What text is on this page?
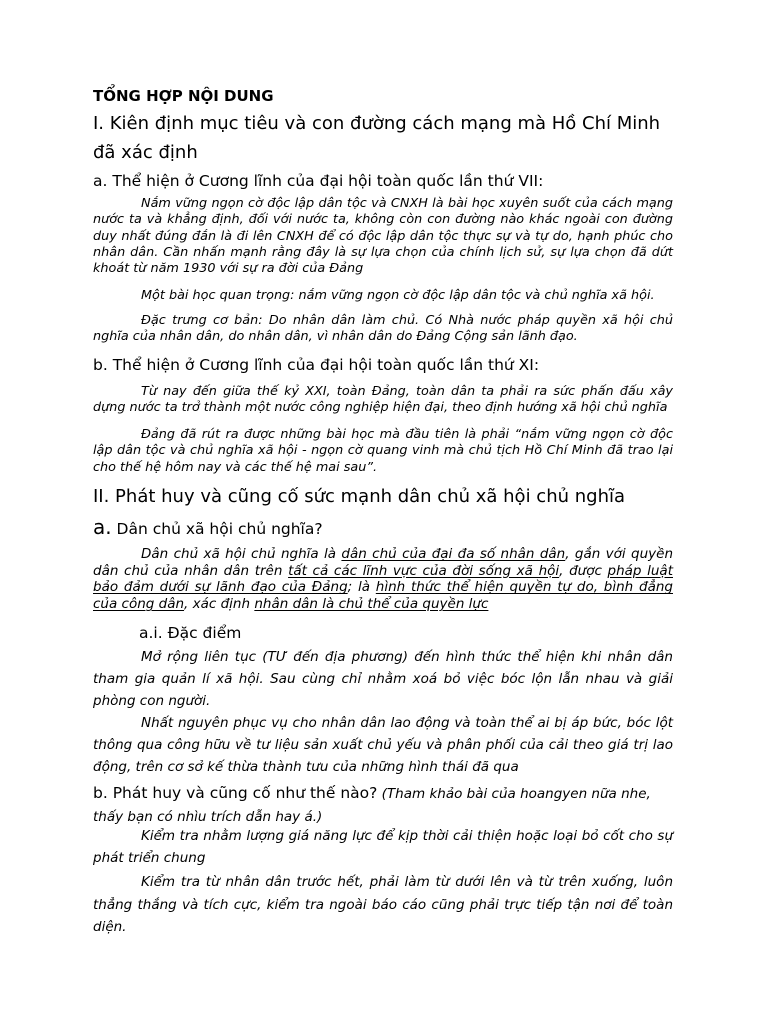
TỔNG HỢP NỘI DUNG
I. Kiên định mục tiêu và con đường cách mạng mà Hồ Chí Minh đã xác định
a. Thể hiện ở Cương lĩnh của đại hội toàn quốc lần thứ VII:

Nắm vững ngọn cờ độc lập dân tộc và CNXH là bài học xuyên suốt của cách mạng nước ta và khẳng định, đối với nước ta, không còn con đường nào khác ngoài con đường duy nhất đúng đắn là đi lên CNXH để có độc lập dân tộc thực sự và tự do, hạnh phúc cho nhân dân. Cần nhấn mạnh rằng đây là sự lựa chọn của chính lịch sử, sự lựa chọn đã dứt khoát từ năm 1930 với sự ra đời của Đảng

Một bài học quan trọng: nắm vững ngọn cờ độc lập dân tộc và chủ nghĩa xã hội.

Đặc trưng cơ bản: Do nhân dân làm chủ. Có Nhà nước pháp quyền xã hội chủ nghĩa của nhân dân, do nhân dân, vì nhân dân do Đảng Cộng sản lãnh đạo.

b. Thể hiện ở Cương lĩnh của đại hội toàn quốc lần thứ XI:

Từ nay đến giữa thế kỷ XXI, toàn Đảng, toàn dân ta phải ra sức phấn đấu xây dựng nước ta trở thành một nước công nghiệp hiện đại, theo định hướng xã hội chủ nghĩa

Đảng đã rút ra được những bài học mà đầu tiên là phải “nắm vững ngọn cờ độc lập dân tộc và chủ nghĩa xã hội - ngọn cờ quang vinh mà chủ tịch Hồ Chí Minh đã trao lại cho thế hệ hôm nay và các thế hệ mai sau”.

II. Phát huy và cũng cố sức mạnh dân chủ xã hội chủ nghĩa
a. Dân chủ xã hội chủ nghĩa?

Dân chủ xã hội chủ nghĩa là dân chủ của đại đa số nhân dân, gắn với quyền dân chủ của nhân dân trên tất cả các lĩnh vực của đời sống xã hội, được pháp luật bảo đảm dưới sự lãnh đạo của Đảng; là hình thức thể hiện quyền tự do, bình đẳng của công dân, xác định nhân dân là chủ thể của quyền lực

a.i. Đặc điểm

Mở rộng liên tục (TƯ đến địa phương) đến hình thức thể hiện khi nhân dân tham gia quản lí xã hội. Sau cùng chỉ nhằm xoá bỏ việc bóc lộn lẫn nhau và giải phòng con người.

Nhất nguyên phục vụ cho nhân dân lao động và toàn thể ai bị áp bức, bóc lột thông qua công hữu về tư liệu sản xuất chủ yếu và phân phối của cải theo giá trị lao động, trên cơ sở kế thừa thành tưu của những hình thái đã qua

b. Phát huy và cũng cố như thế nào? (Tham khảo bài của hoangyen nữa nhe, thấy bạn có nhìu trích dẫn hay á.)

Kiểm tra nhằm lượng giá năng lực để kịp thời cải thiện hoặc loại bỏ cốt cho sự phát triển chung

Kiểm tra từ nhân dân trước hết, phải làm từ dưới lên và từ trên xuống, luôn thẳng thắng và tích cực, kiểm tra ngoài báo cáo cũng phải trực tiếp tận nơi để toàn diện.
